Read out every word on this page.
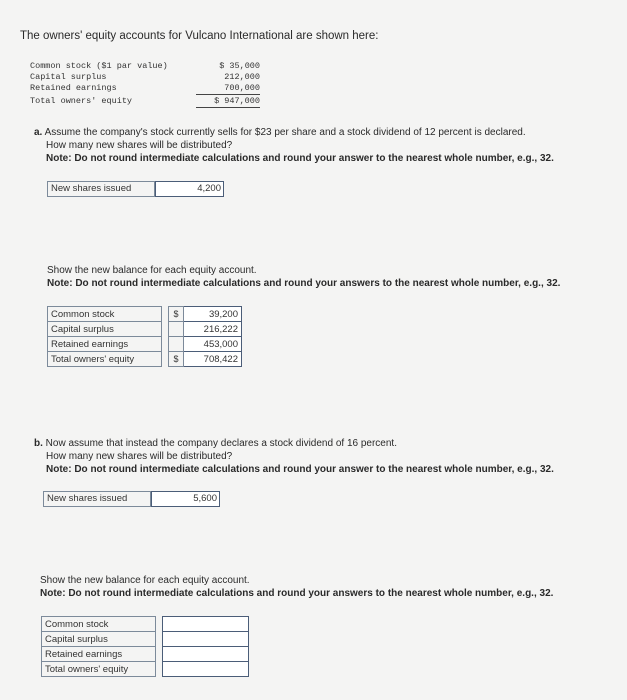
The owners' equity accounts for Vulcano International are shown here:
Common stock ($1 par value)	$ 35,000
Capital surplus	212,000
Retained earnings	700,000
Total owners' equity	$ 947,000
a. Assume the company's stock currently sells for $23 per share and a stock dividend of 12 percent is declared.
How many new shares will be distributed?
Note: Do not round intermediate calculations and round your answer to the nearest whole number, e.g., 32.
New shares issued	4,200
Show the new balance for each equity account.
Note: Do not round intermediate calculations and round your answers to the nearest whole number, e.g., 32.
Common stock		$	39,200
Capital surplus			216,222
Retained earnings			453,000
Total owners' equity		$	708,422
b. Now assume that instead the company declares a stock dividend of 16 percent.
How many new shares will be distributed?
Note: Do not round intermediate calculations and round your answer to the nearest whole number, e.g., 32.
New shares issued	5,600
Show the new balance for each equity account.
Note: Do not round intermediate calculations and round your answers to the nearest whole number, e.g., 32.
Common stock		
Capital surplus		
Retained earnings		
Total owners' equity		
